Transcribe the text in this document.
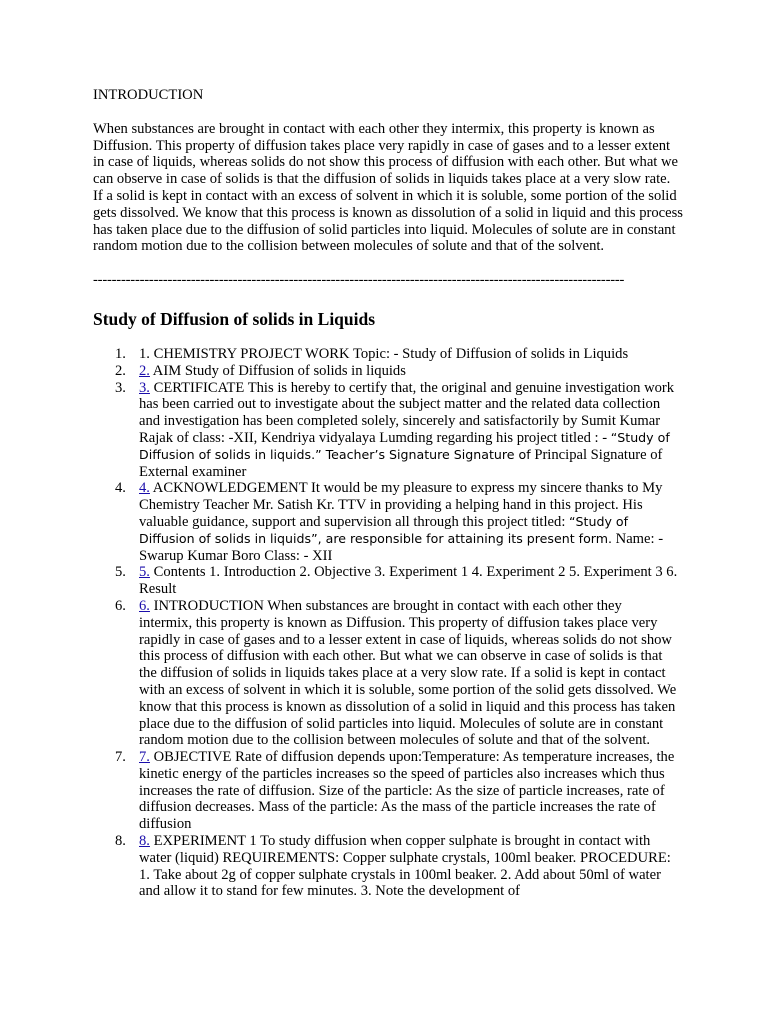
INTRODUCTION
When substances are brought in contact with each other they intermix, this property is known as Diffusion. This property of diffusion takes place very rapidly in case of gases and to a lesser extent in case of liquids, whereas solids do not show this process of diffusion with each other. But what we can observe in case of solids is that the diffusion of solids in liquids takes place at a very slow rate. If a solid is kept in contact with an excess of solvent in which it is soluble, some portion of the solid gets dissolved. We know that this process is known as dissolution of a solid in liquid and this process has taken place due to the diffusion of solid particles into liquid. Molecules of solute are in constant random motion due to the collision between molecules of solute and that of the solvent.
------------------------------------------------------------------------------------------------------------------
Study of Diffusion of solids in Liquids
1. 1. CHEMISTRY PROJECT WORK Topic: - Study of Diffusion of solids in Liquids
2. 2. AIM Study of Diffusion of solids in liquids
3. 3. CERTIFICATE This is hereby to certify that, the original and genuine investigation work has been carried out to investigate about the subject matter and the related data collection and investigation has been completed solely, sincerely and satisfactorily by Sumit Kumar Rajak of class: -XII, Kendriya vidyalaya Lumding regarding his project titled : - “Study of Diffusion of solids in liquids.” Teacher’s Signature Signature of Principal Signature of External examiner
4. 4. ACKNOWLEDGEMENT It would be my pleasure to express my sincere thanks to My Chemistry Teacher Mr. Satish Kr. TTV in providing a helping hand in this project. His valuable guidance, support and supervision all through this project titled: “Study of Diffusion of solids in liquids”, are responsible for attaining its present form. Name: -Swarup Kumar Boro Class: - XII
5. 5. Contents 1. Introduction 2. Objective 3. Experiment 1 4. Experiment 2 5. Experiment 3 6. Result
6. 6. INTRODUCTION When substances are brought in contact with each other they intermix, this property is known as Diffusion. This property of diffusion takes place very rapidly in case of gases and to a lesser extent in case of liquids, whereas solids do not show this process of diffusion with each other. But what we can observe in case of solids is that the diffusion of solids in liquids takes place at a very slow rate. If a solid is kept in contact with an excess of solvent in which it is soluble, some portion of the solid gets dissolved. We know that this process is known as dissolution of a solid in liquid and this process has taken place due to the diffusion of solid particles into liquid. Molecules of solute are in constant random motion due to the collision between molecules of solute and that of the solvent.
7. 7. OBJECTIVE Rate of diffusion depends upon:Temperature: As temperature increases, the kinetic energy of the particles increases so the speed of particles also increases which thus increases the rate of diffusion. Size of the particle: As the size of particle increases, rate of diffusion decreases. Mass of the particle: As the mass of the particle increases the rate of diffusion
8. 8. EXPERIMENT 1 To study diffusion when copper sulphate is brought in contact with water (liquid) REQUIREMENTS: Copper sulphate crystals, 100ml beaker. PROCEDURE: 1. Take about 2g of copper sulphate crystals in 100ml beaker. 2. Add about 50ml of water and allow it to stand for few minutes. 3. Note the development of
